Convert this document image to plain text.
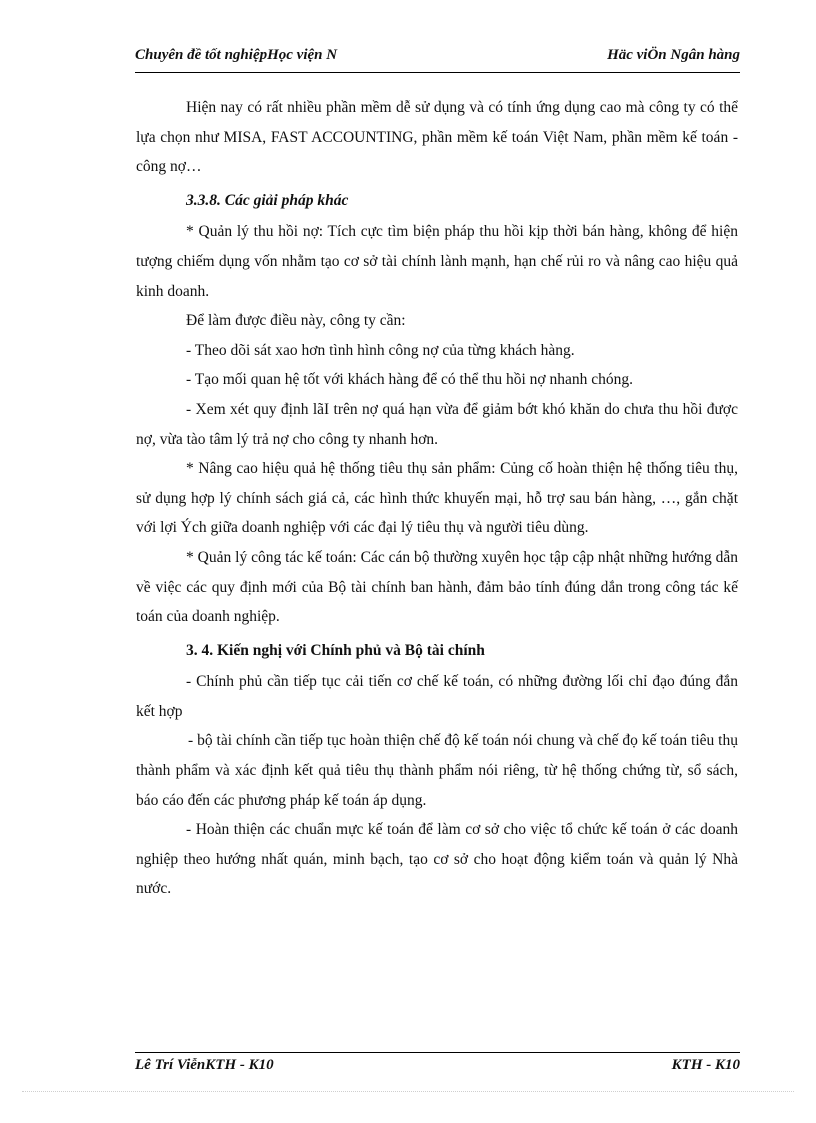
Chuyên đề tốt nghiệpHọc viện N	Häc viÖn Ngân hàng

Hiện nay có rất nhiều phần mềm dễ sử dụng và có tính ứng dụng cao mà công ty có thể lựa chọn như MISA, FAST ACCOUNTING, phần mềm kế toán Việt Nam, phần mềm kế toán - công nợ…

3.3.8. Các giải pháp khác

* Quản lý thu hồi nợ: Tích cực tìm biện pháp thu hồi kịp thời bán hàng, không để hiện tượng chiếm dụng vốn nhằm tạo cơ sở tài chính lành mạnh, hạn chế rủi ro và nâng cao hiệu quả kinh doanh.

Để làm được điều này, công ty cần:

- Theo dõi sát xao hơn tình hình công nợ của từng khách hàng.

- Tạo mối quan hệ tốt với khách hàng để có thể thu hồi nợ nhanh chóng.

- Xem xét quy định lãI trên nợ quá hạn vừa để giảm bớt khó khăn do chưa thu hồi được nợ, vừa tào tâm lý trả nợ cho công ty nhanh hơn.

* Nâng cao hiệu quả hệ thống tiêu thụ sản phẩm: Củng cố hoàn thiện hệ thống tiêu thụ, sử dụng hợp lý chính sách giá cả, các hình thức khuyến mại, hỗ trợ sau bán hàng, …, gắn chặt với lợi Ých giữa doanh nghiệp với các đại lý tiêu thụ và người tiêu dùng.

* Quản lý công tác kế toán: Các cán bộ thường xuyên học tập cập nhật những hướng dẫn về việc các quy định mới của Bộ tài chính ban hành, đảm bảo tính đúng dắn trong công tác kế toán của doanh nghiệp.

3. 4. Kiến nghị với Chính phủ và Bộ tài chính

- Chính phủ cần tiếp tục cải tiến cơ chế kế toán, có những đường lối chỉ đạo đúng đắn kết hợp

- bộ tài chính cần tiếp tục hoàn thiện chế độ kế toán nói chung và chế đọ kế toán tiêu thụ thành phẩm và xác định kết quả tiêu thụ thành phẩm nói riêng, từ hệ thống chứng từ, sổ sách, báo cáo đến các phương pháp kế toán áp dụng.

- Hoàn thiện các chuẩn mực kế toán để làm cơ sở cho việc tổ chức kế toán ở các doanh nghiệp theo hướng nhất quán, minh bạch, tạo cơ sở cho hoạt động kiểm toán và quản lý Nhà nước.

Lê Trí ViễnKTH - K10	KTH - K10
